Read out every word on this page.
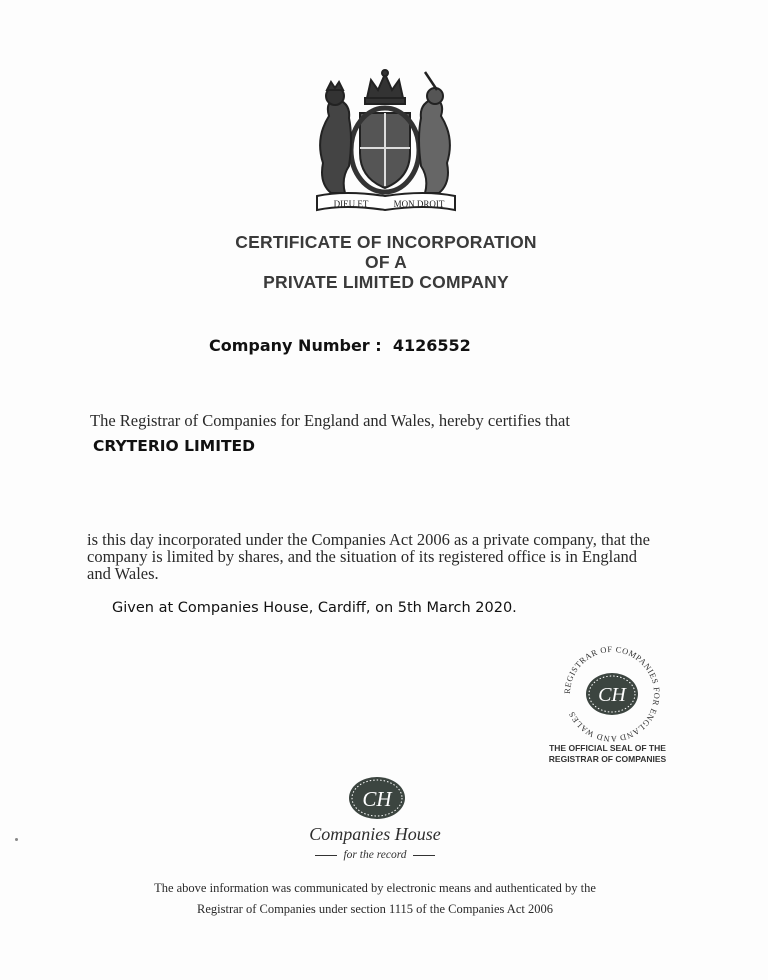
DIEU ET	MON DROIT
CERTIFICATE OF INCORPORATION
OF A
PRIVATE LIMITED COMPANY
Company Number : 4126552
The Registrar of Companies for England and Wales, hereby certifies that
CRYTERIO LIMITED
is this day incorporated under the Companies Act 2006 as a private company, that the
company is limited by shares, and the situation of its registered office is in England
and Wales.
Given at Companies House, Cardiff, on 5th March 2020.
REGISTRAR OF COMPANIES FOR ENGLAND AND WALES
CH
THE OFFICIAL SEAL OF THE
REGISTRAR OF COMPANIES
CH
Companies House
for the record
The above information was communicated by electronic means and authenticated by the
Registrar of Companies under section 1115 of the Companies Act 2006
